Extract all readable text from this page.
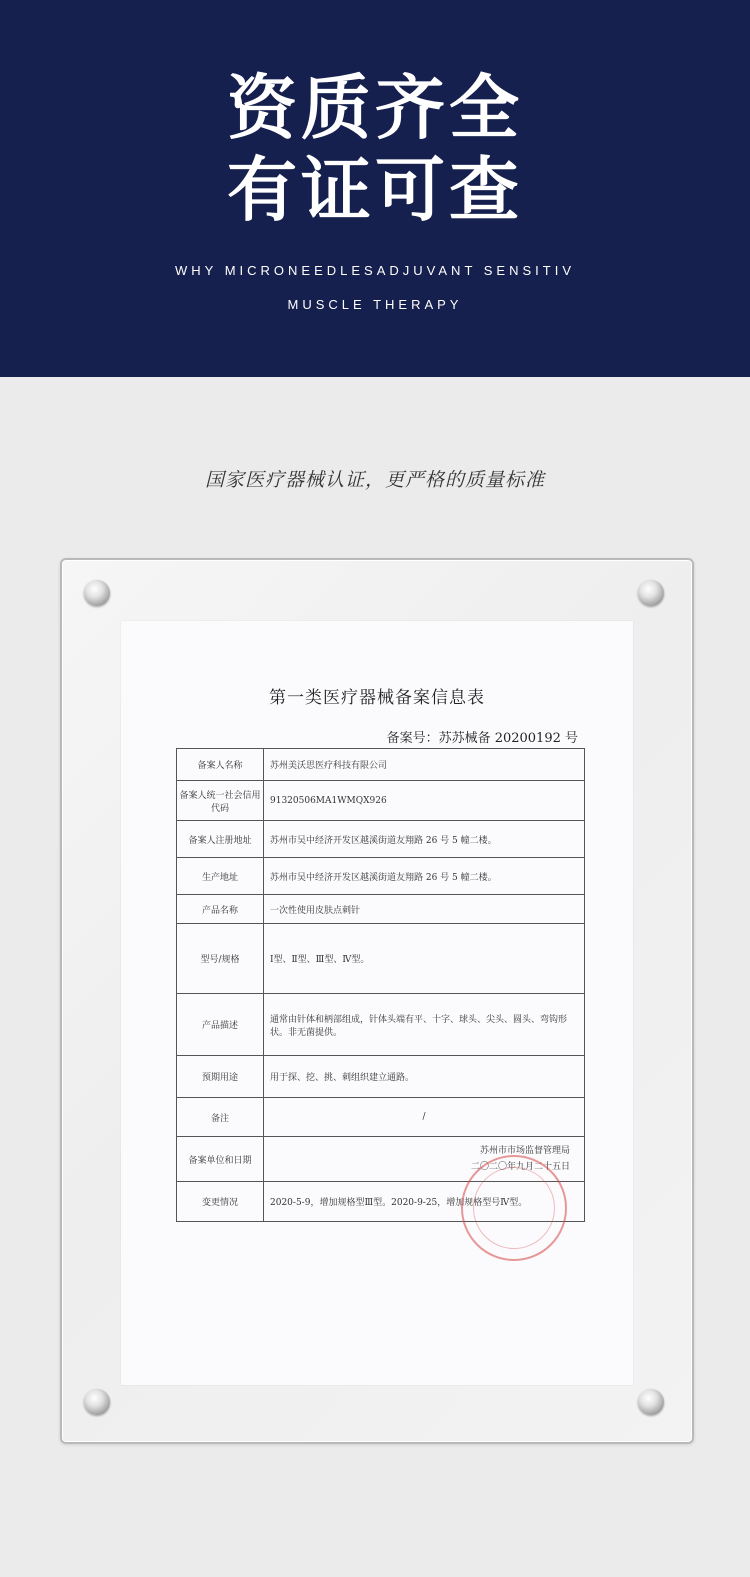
资质齐全
有证可查
WHY MICRONEEDLESADJUVANT SENSITIV
MUSCLE THERAPY
国家医疗器械认证，更严格的质量标准
第一类医疗器械备案信息表
备案号：苏苏械备 20200192 号
备案人名称	苏州美沃思医疗科技有限公司
备案人统一社会信用代码	91320506MA1WMQX926
备案人注册地址	苏州市吴中经济开发区越溪街道友翔路 26 号 5 幢二楼。
生产地址	苏州市吴中经济开发区越溪街道友翔路 26 号 5 幢二楼。
产品名称	一次性使用皮肤点刺针
型号/规格	Ⅰ型、Ⅱ型、Ⅲ型、Ⅳ型。
产品描述	通常由针体和柄部组成，针体头端有平、十字、球头、尖头、圆头、弯钩形状。非无菌提供。
预期用途	用于探、挖、挑、刺组织建立通路。
备注	/
备案单位和日期	苏州市市场监督管理局
二〇二〇年九月二十五日

变更情况	2020-5-9，增加规格型Ⅲ型。2020-9-25，增加规格型号Ⅳ型。
